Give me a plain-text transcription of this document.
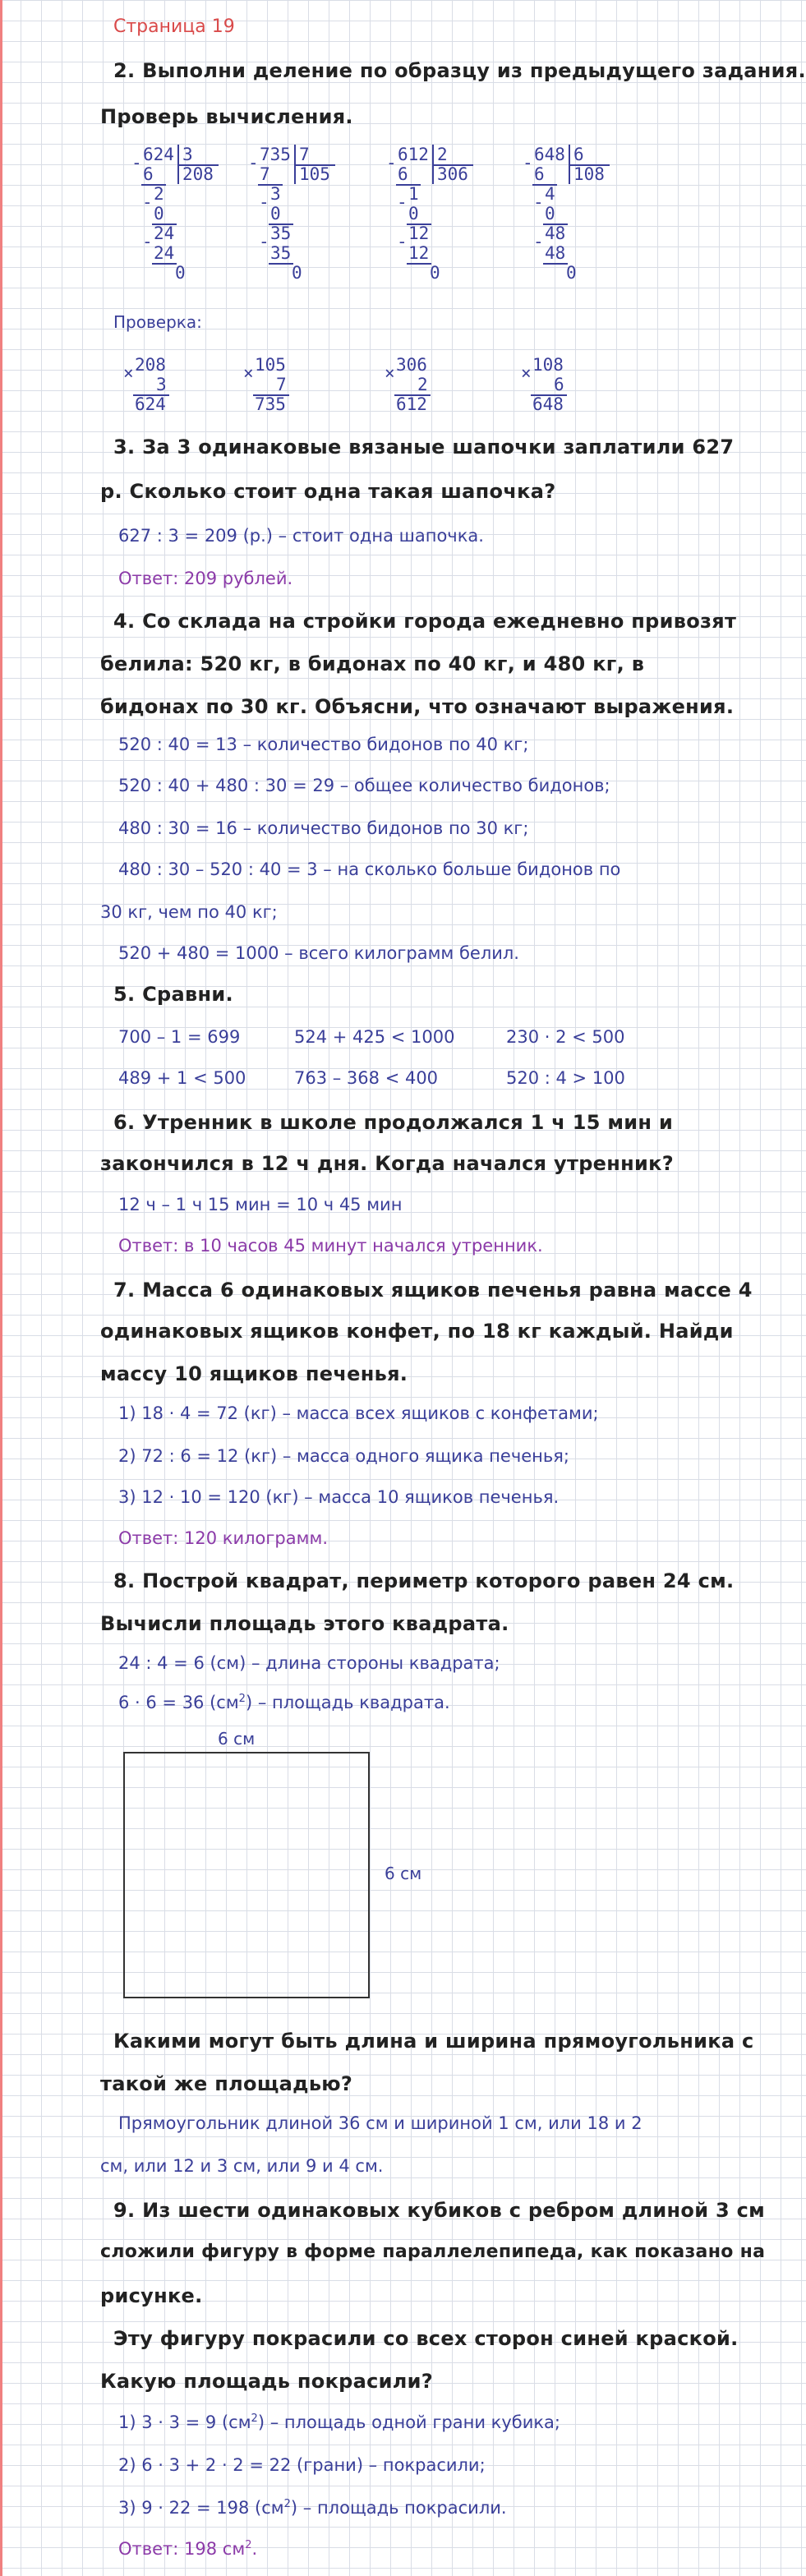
Страница 19
2. Выполни деление по образцу из предыдущего задания.
Проверь вычисления.
624
-
6
2
-
0
24
-
24
0
3
208
735
-
7
3
-
0
35
-
35
0
7
105
612
-
6
1
-
0
12
-
12
0
2
306
648
-
6
4
-
0
48
-
48
0
6
108
Проверка:
× 208
3
624
× 105
7
735
× 306
2
612
× 108
6
648
3. За 3 одинаковые вязаные шапочки заплатили 627
р. Сколько стоит одна такая шапочка?
627 : 3 = 209 (р.) – стоит одна шапочка.
Ответ: 209 рублей.
4. Со склада на стройки города ежедневно привозят
белила: 520 кг, в бидонах по 40 кг, и 480 кг, в
бидонах по 30 кг. Объясни, что означают выражения.
520 : 40 = 13 – количество бидонов по 40 кг;
520 : 40 + 480 : 30 = 29 – общее количество бидонов;
480 : 30 = 16 – количество бидонов по 30 кг;
480 : 30 – 520 : 40 = 3 – на сколько больше бидонов по
30 кг, чем по 40 кг;
520 + 480 = 1000 – всего килограмм белил.
5. Сравни.
700 – 1 = 699	524 + 425 < 1000	230 · 2 < 500
489 + 1 < 500	763 – 368 < 400	520 : 4 > 100
6. Утренник в школе продолжался 1 ч 15 мин и
закончился в 12 ч дня. Когда начался утренник?
12 ч – 1 ч 15 мин = 10 ч 45 мин
Ответ: в 10 часов 45 минут начался утренник.
7. Масса 6 одинаковых ящиков печенья равна массе 4
одинаковых ящиков конфет, по 18 кг каждый. Найди
массу 10 ящиков печенья.
1) 18 · 4 = 72 (кг) – масса всех ящиков с конфетами;
2) 72 : 6 = 12 (кг) – масса одного ящика печенья;
3) 12 · 10 = 120 (кг) – масса 10 ящиков печенья.
Ответ: 120 килограмм.
8. Построй квадрат, периметр которого равен 24 см.
Вычисли площадь этого квадрата.
24 : 4 = 6 (см) – длина стороны квадрата;
6 · 6 = 36 $(см^2)$ – площадь квадрата.
6 см
6 см
Какими могут быть длина и ширина прямоугольника с
такой же площадью?
Прямоугольник длиной 36 см и шириной 1 см, или 18 и 2
см, или 12 и 3 см, или 9 и 4 см.
9. Из шести одинаковых кубиков с ребром длиной 3 см
сложили фигуру в форме параллелепипеда, как показано на
рисунке.
Эту фигуру покрасили со всех сторон синей краской.
Какую площадь покрасили?
1) 3 · 3 = 9 $(см^2)$ – площадь одной грани кубика;
2) 6 · 3 + 2 · 2 = 22 (грани) – покрасили;
3) 9 · 22 = 198 $(см^2)$ – площадь покрасили.
Ответ: 198 $см^2$.
